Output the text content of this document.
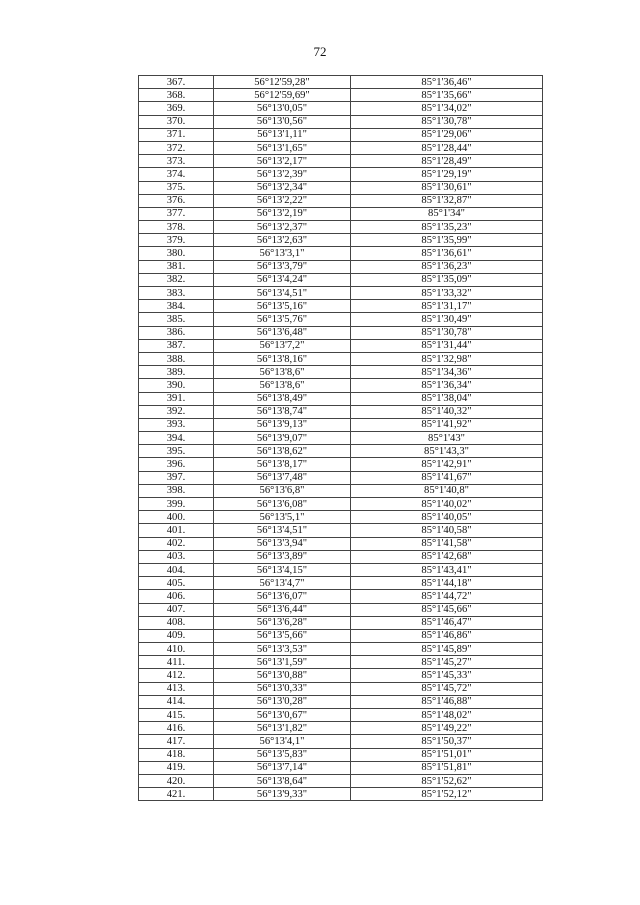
72
367.	56°12'59,28"	85°1'36,46"
368.	56°12'59,69"	85°1'35,66"
369.	56°13'0,05"	85°1'34,02"
370.	56°13'0,56"	85°1'30,78"
371.	56°13'1,11"	85°1'29,06"
372.	56°13'1,65"	85°1'28,44"
373.	56°13'2,17"	85°1'28,49"
374.	56°13'2,39"	85°1'29,19"
375.	56°13'2,34"	85°1'30,61"
376.	56°13'2,22"	85°1'32,87"
377.	56°13'2,19"	85°1'34"
378.	56°13'2,37"	85°1'35,23"
379.	56°13'2,63"	85°1'35,99"
380.	56°13'3,1"	85°1'36,61"
381.	56°13'3,79"	85°1'36,23"
382.	56°13'4,24"	85°1'35,09"
383.	56°13'4,51"	85°1'33,32"
384.	56°13'5,16"	85°1'31,17"
385.	56°13'5,76"	85°1'30,49"
386.	56°13'6,48"	85°1'30,78"
387.	56°13'7,2"	85°1'31,44"
388.	56°13'8,16"	85°1'32,98"
389.	56°13'8,6"	85°1'34,36"
390.	56°13'8,6"	85°1'36,34"
391.	56°13'8,49"	85°1'38,04"
392.	56°13'8,74"	85°1'40,32"
393.	56°13'9,13"	85°1'41,92"
394.	56°13'9,07"	85°1'43"
395.	56°13'8,62"	85°1'43,3"
396.	56°13'8,17"	85°1'42,91"
397.	56°13'7,48"	85°1'41,67"
398.	56°13'6,8"	85°1'40,8"
399.	56°13'6,08"	85°1'40,02"
400.	56°13'5,1"	85°1'40,05"
401.	56°13'4,51"	85°1'40,58"
402.	56°13'3,94"	85°1'41,58"
403.	56°13'3,89"	85°1'42,68"
404.	56°13'4,15"	85°1'43,41"
405.	56°13'4,7"	85°1'44,18"
406.	56°13'6,07"	85°1'44,72"
407.	56°13'6,44"	85°1'45,66"
408.	56°13'6,28"	85°1'46,47"
409.	56°13'5,66"	85°1'46,86"
410.	56°13'3,53"	85°1'45,89"
411.	56°13'1,59"	85°1'45,27"
412.	56°13'0,88"	85°1'45,33"
413.	56°13'0,33"	85°1'45,72"
414.	56°13'0,28"	85°1'46,88"
415.	56°13'0,67"	85°1'48,02"
416.	56°13'1,82"	85°1'49,22"
417.	56°13'4,1"	85°1'50,37"
418.	56°13'5,83"	85°1'51,01"
419.	56°13'7,14"	85°1'51,81"
420.	56°13'8,64"	85°1'52,62"
421.	56°13'9,33"	85°1'52,12"
